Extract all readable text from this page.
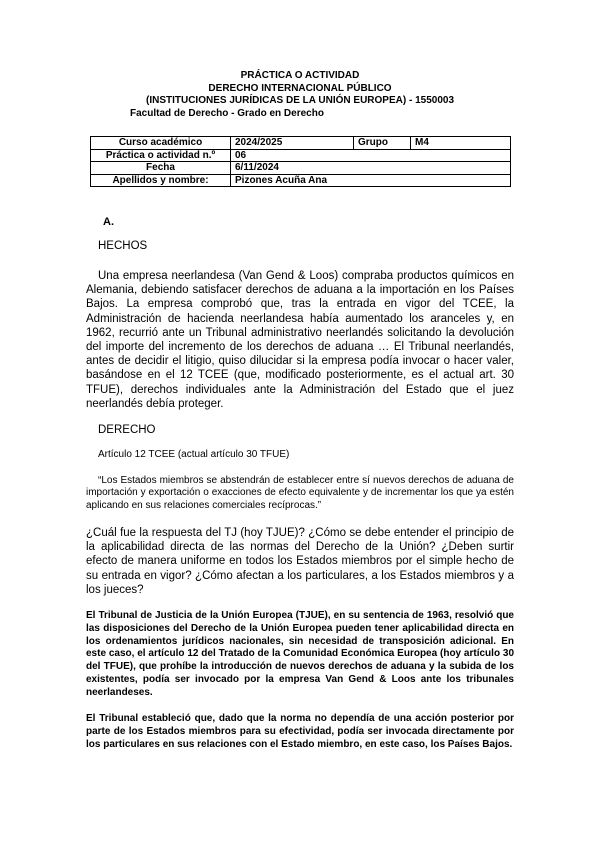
PRÁCTICA O ACTIVIDAD
DERECHO INTERNACIONAL PÚBLICO
(INSTITUCIONES JURÍDICAS DE LA UNIÓN EUROPEA) - 1550003
Facultad de Derecho - Grado en Derecho
Curso académico	2024/2025	Grupo	M4
Práctica o actividad n.º	06		
Fecha	6/11/2024		
Apellidos y nombre:	Pizones Acuña Ana		
A.
HECHOS

Una empresa neerlandesa (Van Gend & Loos) compraba productos químicos en Alemania, debiendo satisfacer derechos de aduana a la importación en los Países Bajos. La empresa comprobó que, tras la entrada en vigor del TCEE, la Administración de hacienda neerlandesa había aumentado los aranceles y, en 1962, recurrió ante un Tribunal administrativo neerlandés solicitando la devolución del importe del incremento de los derechos de aduana … El Tribunal neerlandés, antes de decidir el litigio, quiso dilucidar si la empresa podía invocar o hacer valer, basándose en el 12 TCEE (que, modificado posteriormente, es el actual art. 30 TFUE), derechos individuales ante la Administración del Estado que el juez neerlandés debía proteger.

DERECHO
Artículo 12 TCEE (actual artículo 30 TFUE)

“Los Estados miembros se abstendrán de establecer entre sí nuevos derechos de aduana de importación y exportación o exacciones de efecto equivalente y de incrementar los que ya estén aplicando en sus relaciones comerciales recíprocas.”

¿Cuál fue la respuesta del TJ (hoy TJUE)? ¿Cómo se debe entender el principio de la aplicabilidad directa de las normas del Derecho de la Unión? ¿Deben surtir efecto de manera uniforme en todos los Estados miembros por el simple hecho de su entrada en vigor? ¿Cómo afectan a los particulares, a los Estados miembros y a los jueces?

El Tribunal de Justicia de la Unión Europea (TJUE), en su sentencia de 1963, resolvió que las disposiciones del Derecho de la Unión Europea pueden tener aplicabilidad directa en los ordenamientos jurídicos nacionales, sin necesidad de transposición adicional. En este caso, el artículo 12 del Tratado de la Comunidad Económica Europea (hoy artículo 30 del TFUE), que prohíbe la introducción de nuevos derechos de aduana y la subida de los existentes, podía ser invocado por la empresa Van Gend & Loos ante los tribunales neerlandeses.

El Tribunal estableció que, dado que la norma no dependía de una acción posterior por parte de los Estados miembros para su efectividad, podía ser invocada directamente por los particulares en sus relaciones con el Estado miembro, en este caso, los Países Bajos.
